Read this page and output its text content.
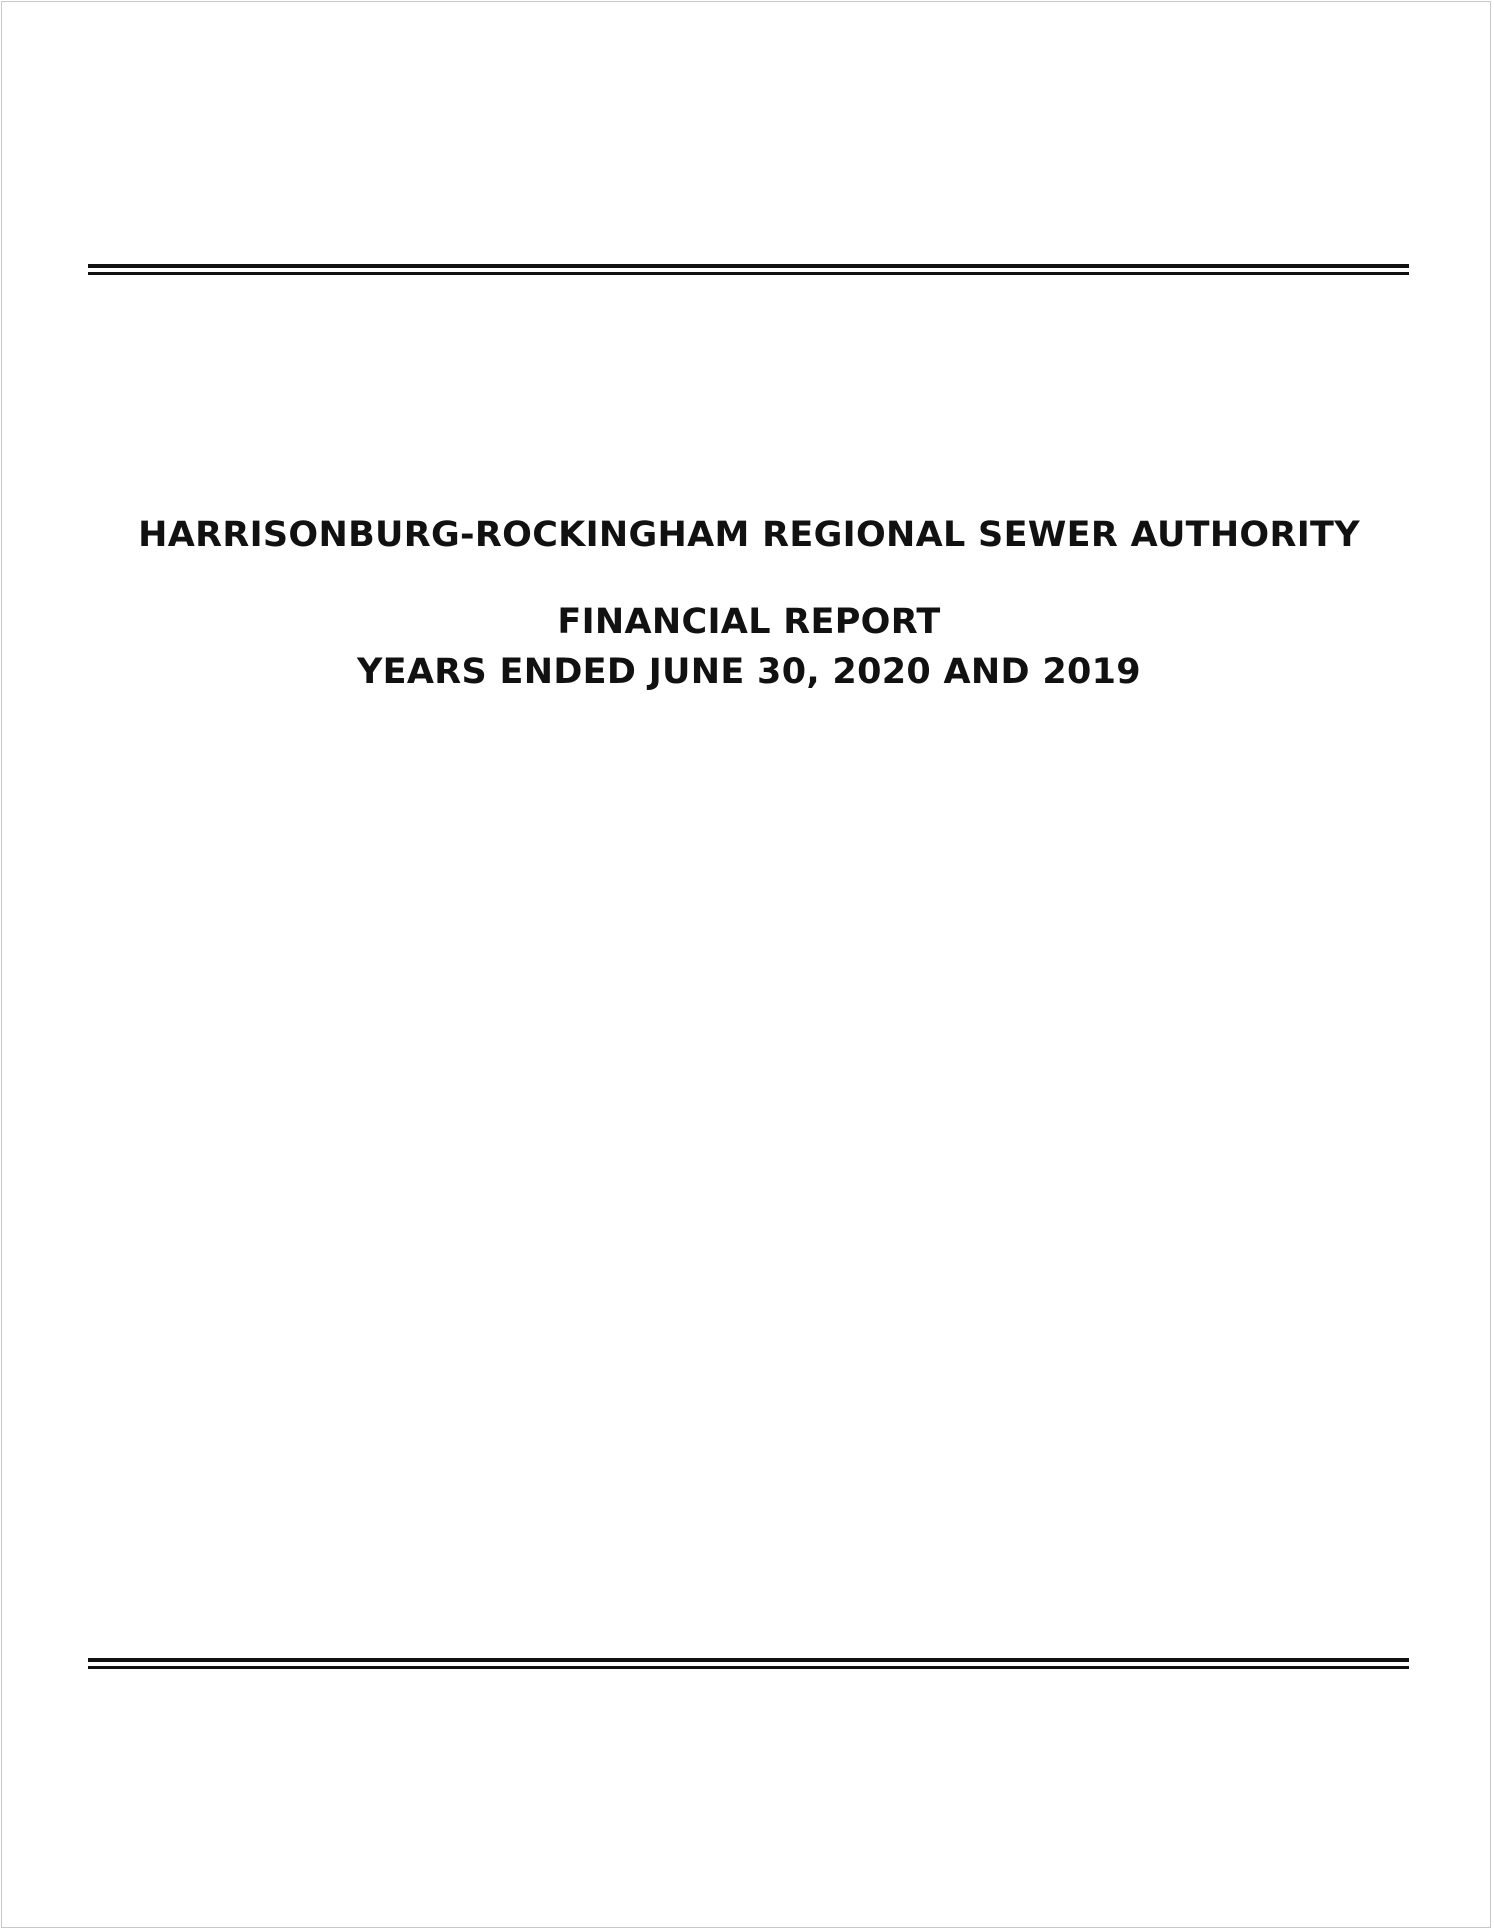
HARRISONBURG-ROCKINGHAM REGIONAL SEWER AUTHORITY
FINANCIAL REPORT
YEARS ENDED JUNE 30, 2020 AND 2019
